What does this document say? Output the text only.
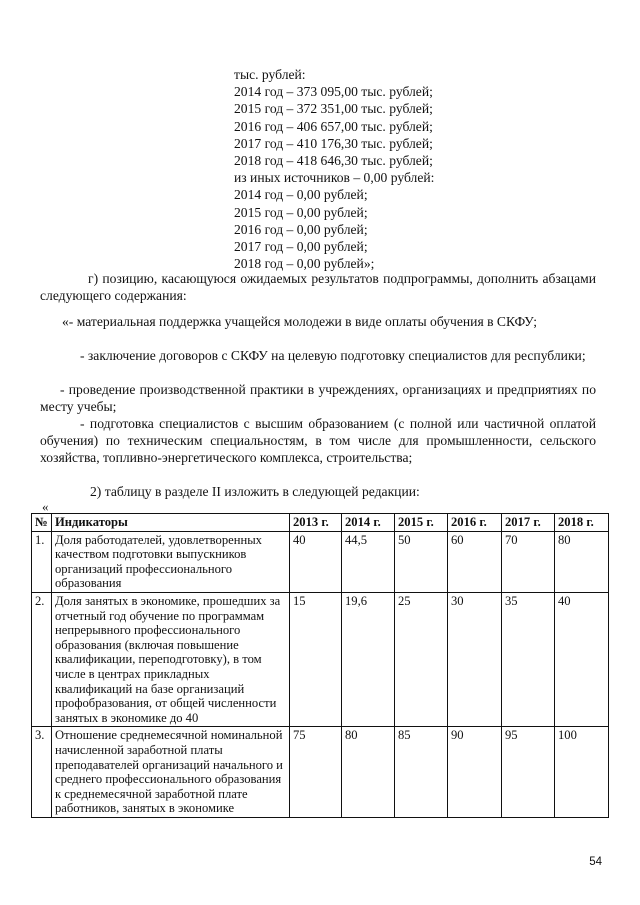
тыс. рублей:
2014 год – 373 095,00 тыс. рублей;
2015 год – 372 351,00 тыс. рублей;
2016 год – 406 657,00 тыс. рублей;
2017 год – 410 176,30 тыс. рублей;
2018 год – 418 646,30 тыс. рублей;
из иных источников – 0,00 рублей:
2014 год – 0,00 рублей;
2015 год – 0,00 рублей;
2016 год – 0,00 рублей;
2017 год – 0,00 рублей;
2018 год – 0,00 рублей»;

г) позицию, касающуюся ожидаемых результатов подпрограммы, дополнить абзацами следующего содержания:

«- материальная поддержка учащейся молодежи в виде оплаты обучения в СКФУ;

- заключение договоров с СКФУ на целевую подготовку специалистов для республики;

- проведение производственной практики в учреждениях, организациях и предприятиях по месту учебы;

- подготовка специалистов с высшим образованием (с полной или частичной оплатой обучения) по техническим специальностям, в том числе для промышленности, сельского хозяйства, топливно-энергетического комплекса, строительства;

2) таблицу в разделе II изложить в следующей редакции:

«
№	Индикаторы	2013 г.	2014 г.	2015 г.	2016 г.	2017 г.	2018 г.
1.	Доля работодателей, удовлетворенных качеством подготовки выпускников организаций профессионального образования	40	44,5	50	60	70	80
2.	Доля занятых в экономике, прошедших за отчетный год обучение по программам непрерывного профессионального образования (включая повышение квалификации, переподготовку), в том числе в центрах прикладных квалификаций на базе организаций профобразования, от общей численности занятых в экономике до 40	15	19,6	25	30	35	40
3.	Отношение среднемесячной номинальной начисленной заработной платы преподавателей организаций начального и среднего профессионального образования к среднемесячной заработной плате работников, занятых в экономике	75	80	85	90	95	100
54
